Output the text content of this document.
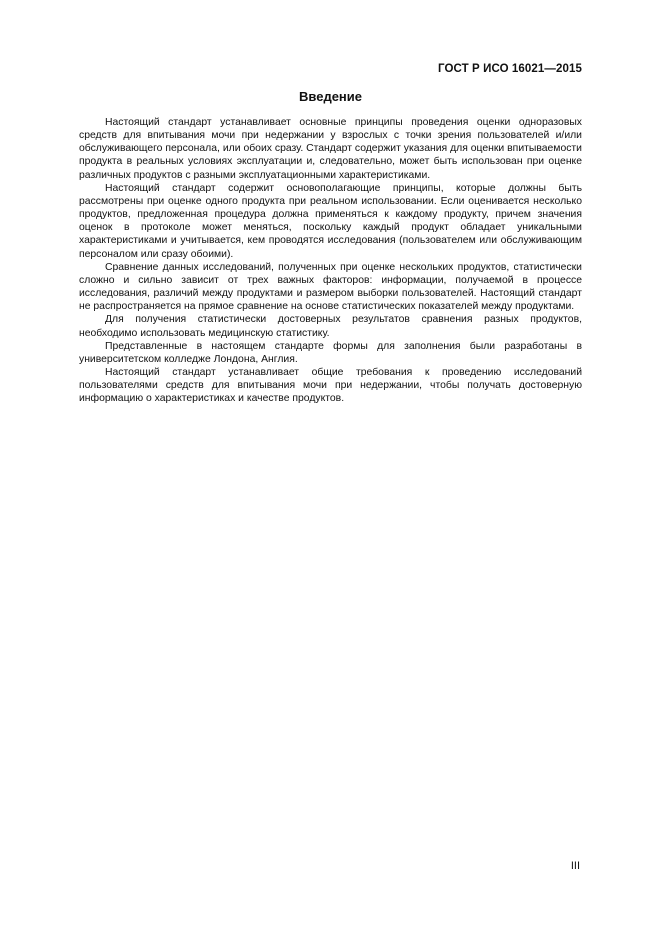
ГОСТ Р ИСО 16021—2015
Введение

Настоящий стандарт устанавливает основные принципы проведения оценки одноразовых средств для впитывания мочи при недержании у взрослых с точки зрения пользователей и/или обслуживающего персонала, или обоих сразу. Стандарт содержит указания для оценки впитываемости продукта в реальных условиях эксплуатации и, следовательно, может быть использован при оценке различных продуктов с разными эксплуатационными характеристиками.

Настоящий стандарт содержит основополагающие принципы, которые должны быть рассмотрены при оценке одного продукта при реальном использовании. Если оценивается несколько продуктов, предложенная процедура должна применяться к каждому продукту, причем значения оценок в протоколе может меняться, поскольку каждый продукт обладает уникальными характеристиками и учитывается, кем проводятся исследования (пользователем или обслуживающим персоналом или сразу обоими).

Сравнение данных исследований, полученных при оценке нескольких продуктов, статистически сложно и сильно зависит от трех важных факторов: информации, получаемой в процессе исследования, различий между продуктами и размером выборки пользователей. Настоящий стандарт не распространяется на прямое сравнение на основе статистических показателей между продуктами.

Для получения статистически достоверных результатов сравнения разных продуктов, необходимо использовать медицинскую статистику.

Представленные в настоящем стандарте формы для заполнения были разработаны в университетском колледже Лондона, Англия.

Настоящий стандарт устанавливает общие требования к проведению исследований пользователями средств для впитывания мочи при недержании, чтобы получать достоверную информацию о характеристиках и качестве продуктов.

III
